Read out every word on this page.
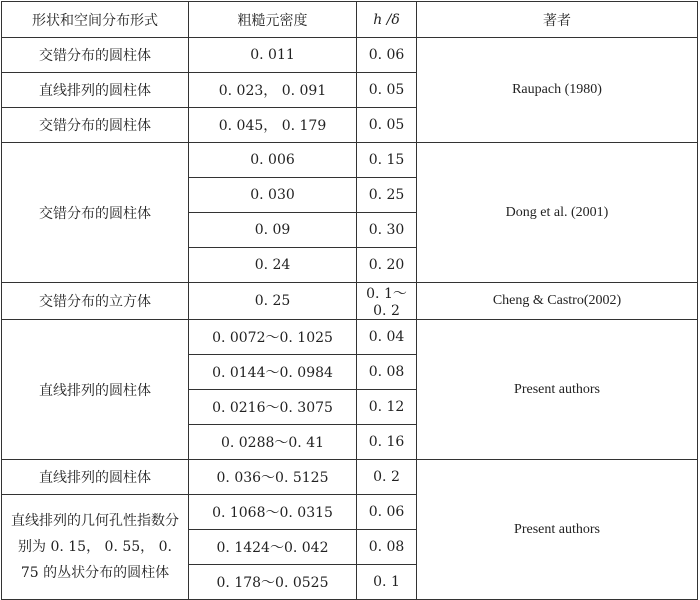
形状和空间分布形式	粗糙元密度	h /δ	著者
交错分布的圆柱体	0. 011	0. 06	Raupach (1980)
直线排列的圆柱体	0. 023， 0. 091	0. 05	
交错分布的圆柱体	0. 045， 0. 179	0. 05	
交错分布的圆柱体	0. 006	0. 15	Dong et al. (2001)
	0. 030	0. 25	
	0. 09	0. 30	
	0. 24	0. 20	
交错分布的立方体	0. 25	0. 1～0. 2	Cheng & Castro(2002)
直线排列的圆柱体	0. 0072～0. 1025	0. 04	Present authors
	0. 0144～0. 0984	0. 08	
	0. 0216～0. 3075	0. 12	
	0. 0288～0. 41	0. 16	
直线排列的圆柱体	0. 036～0. 5125	0. 2	Present authors
直线排列的几何孔性指数分别为 0. 15， 0. 55， 0. 75 的丛状分布的圆柱体	0. 1068～0. 0315	0. 06	
	0. 1424～0. 042	0. 08	
	0. 178～0. 0525	0. 1	
